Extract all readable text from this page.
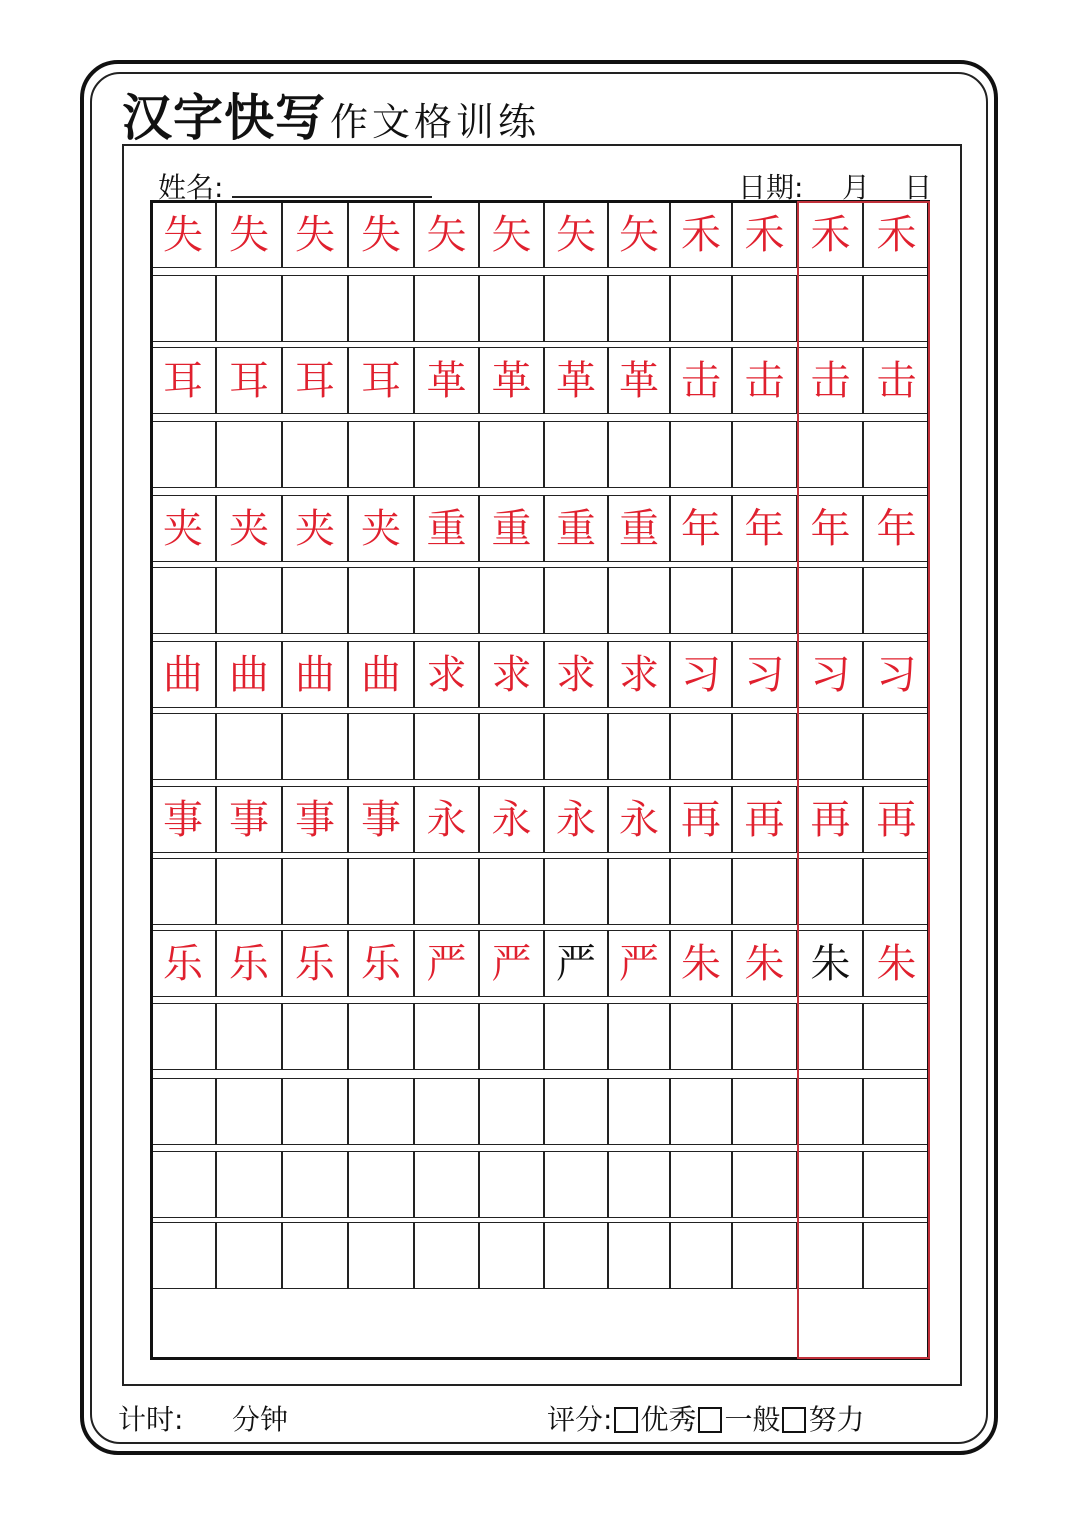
汉字快写 作文格训练
姓名:	日期: 月 日
失 失 失 失 矢 矢 矢 矢 禾 禾 禾 禾
耳 耳 耳 耳 革 革 革 革 击 击 击 击
夹 夹 夹 夹 重 重 重 重 年 年 年 年
曲 曲 曲 曲 求 求 求 求 习 习 习 习
事 事 事 事 永 永 永 永 再 再 再 再
乐 乐 乐 乐 严 严 严 严 朱 朱 朱 朱
计时: 分钟	评分: 优秀 一般 努力
